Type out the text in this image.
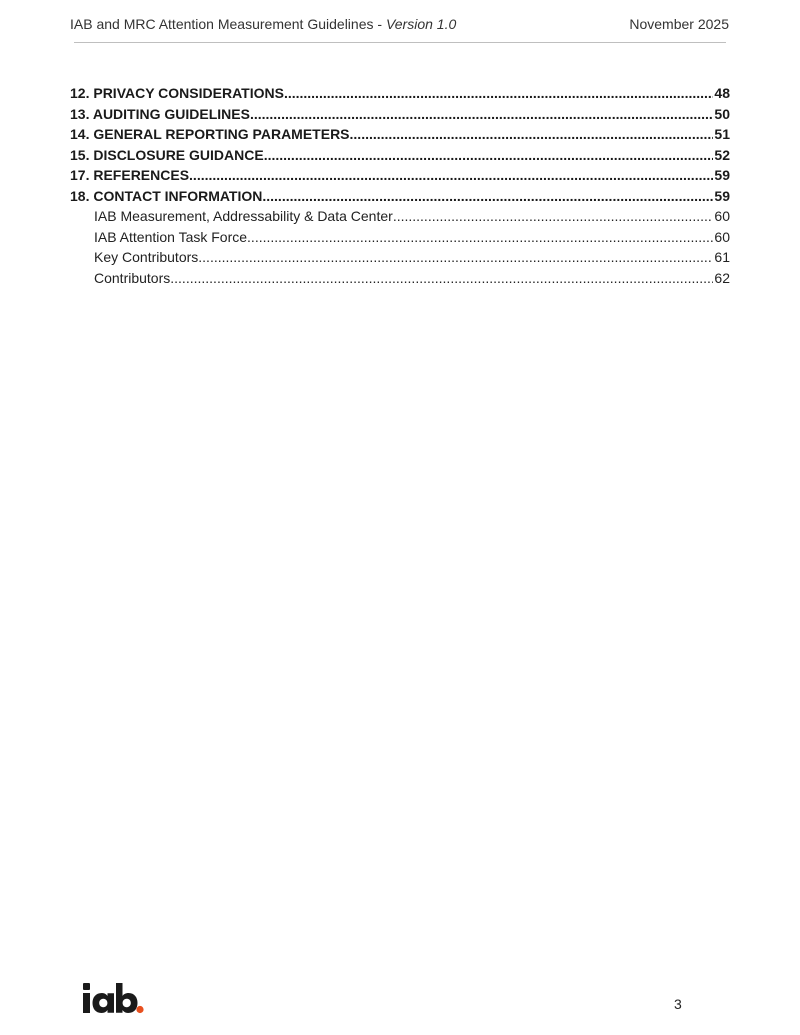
IAB and MRC Attention Measurement Guidelines - Version 1.0	November 2025
12. PRIVACY CONSIDERATIONS .....	48
13. AUDITING GUIDELINES .....	50
14. GENERAL REPORTING PARAMETERS .....	51
15. DISCLOSURE GUIDANCE .....	52
17. REFERENCES .....	59
18. CONTACT INFORMATION .....	59
IAB Measurement, Addressability & Data Center .....	60
IAB Attention Task Force .....	60
Key Contributors .....	61
Contributors .....	62
3
